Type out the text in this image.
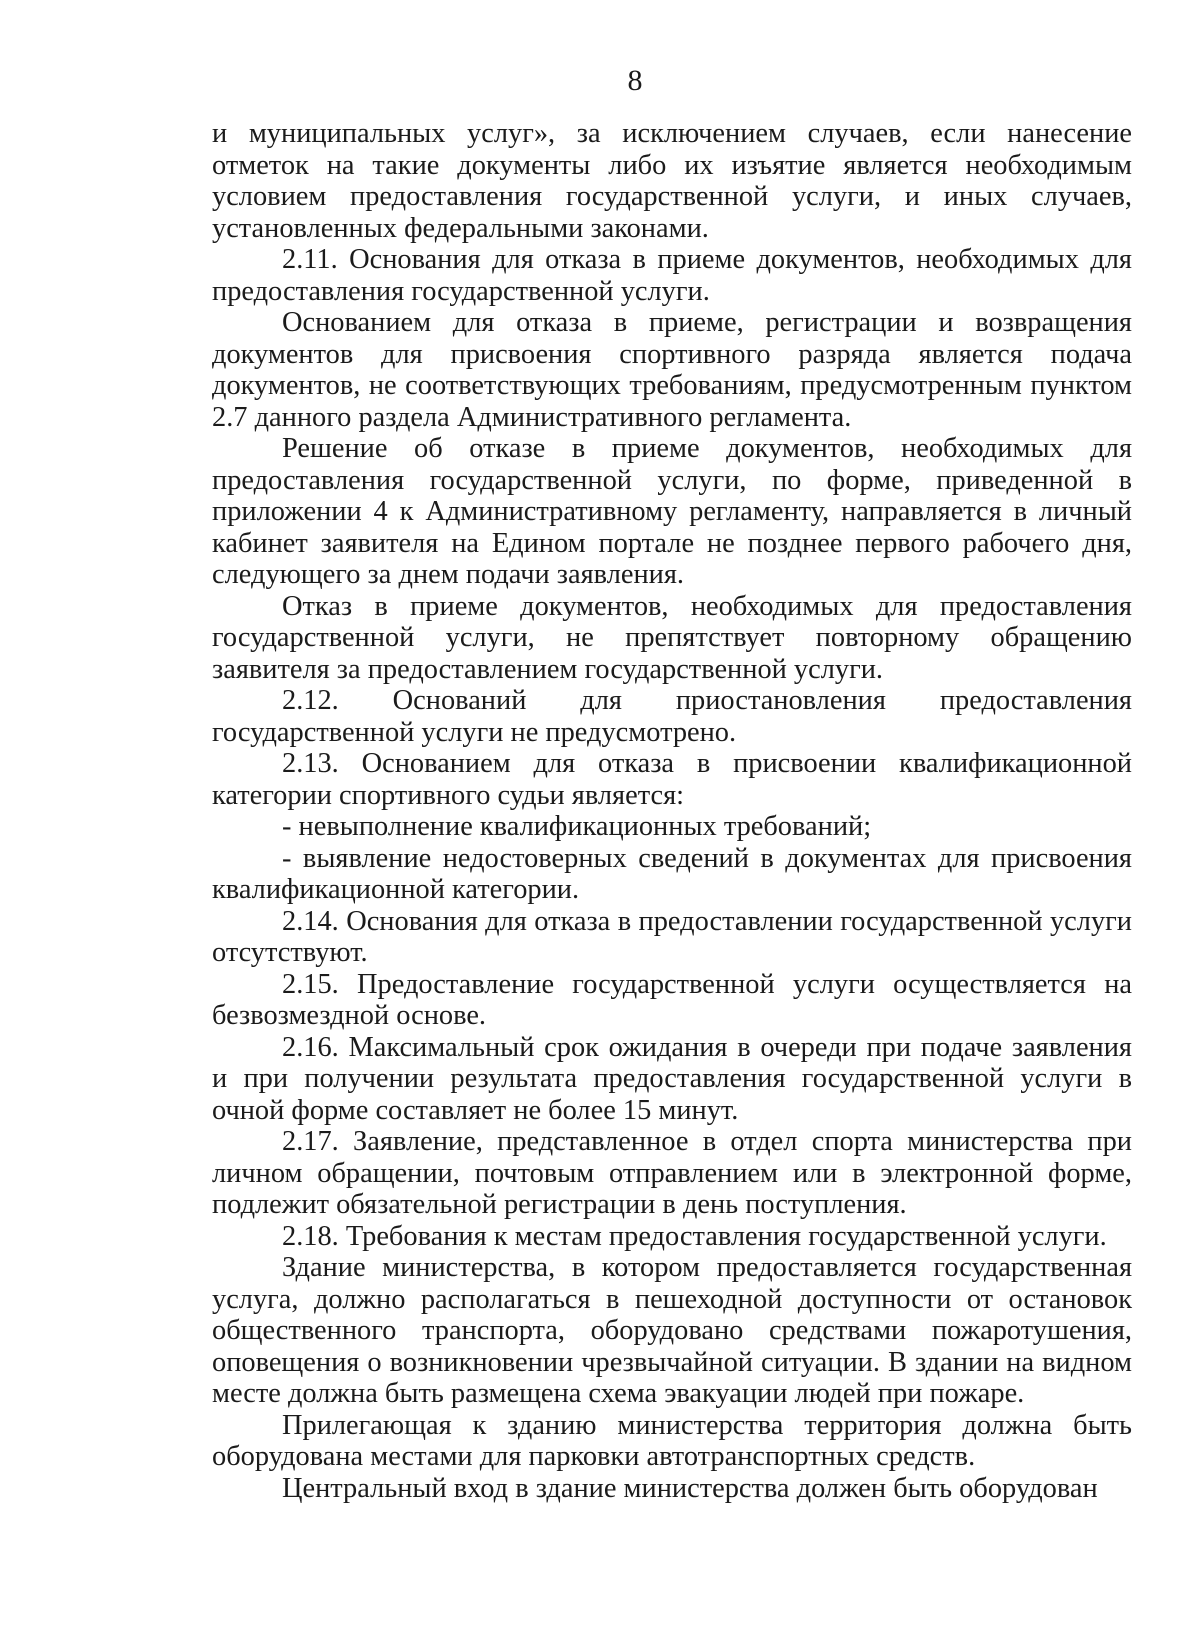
8

и муниципальных услуг», за исключением случаев, если нанесение отметок на такие документы либо их изъятие является необходимым условием предоставления государственной услуги, и иных случаев, установленных федеральными законами.

2.11. Основания для отказа в приеме документов, необходимых для предоставления государственной услуги.

Основанием для отказа в приеме, регистрации и возвращения документов для присвоения спортивного разряда является подача документов, не соответствующих требованиям, предусмотренным пунктом 2.7 данного раздела Административного регламента.

Решение об отказе в приеме документов, необходимых для предоставления государственной услуги, по форме, приведенной в приложении 4 к Административному регламенту, направляется в личный кабинет заявителя на Едином портале не позднее первого рабочего дня, следующего за днем подачи заявления.

Отказ в приеме документов, необходимых для предоставления государственной услуги, не препятствует повторному обращению заявителя за предоставлением государственной услуги.

2.12. Оснований для приостановления предоставления государственной услуги не предусмотрено.

2.13. Основанием для отказа в присвоении квалификационной категории спортивного судьи является:

- невыполнение квалификационных требований;

- выявление недостоверных сведений в документах для присвоения квалификационной категории.

2.14. Основания для отказа в предоставлении государственной услуги отсутствуют.

2.15. Предоставление государственной услуги осуществляется на безвозмездной основе.

2.16. Максимальный срок ожидания в очереди при подаче заявления и при получении результата предоставления государственной услуги в очной форме составляет не более 15 минут.

2.17. Заявление, представленное в отдел спорта министерства при личном обращении, почтовым отправлением или в электронной форме, подлежит обязательной регистрации в день поступления.

2.18. Требования к местам предоставления государственной услуги.

Здание министерства, в котором предоставляется государственная услуга, должно располагаться в пешеходной доступности от остановок общественного транспорта, оборудовано средствами пожаротушения, оповещения о возникновении чрезвычайной ситуации. В здании на видном месте должна быть размещена схема эвакуации людей при пожаре.

Прилегающая к зданию министерства территория должна быть оборудована местами для парковки автотранспортных средств.

Центральный вход в здание министерства должен быть оборудован
